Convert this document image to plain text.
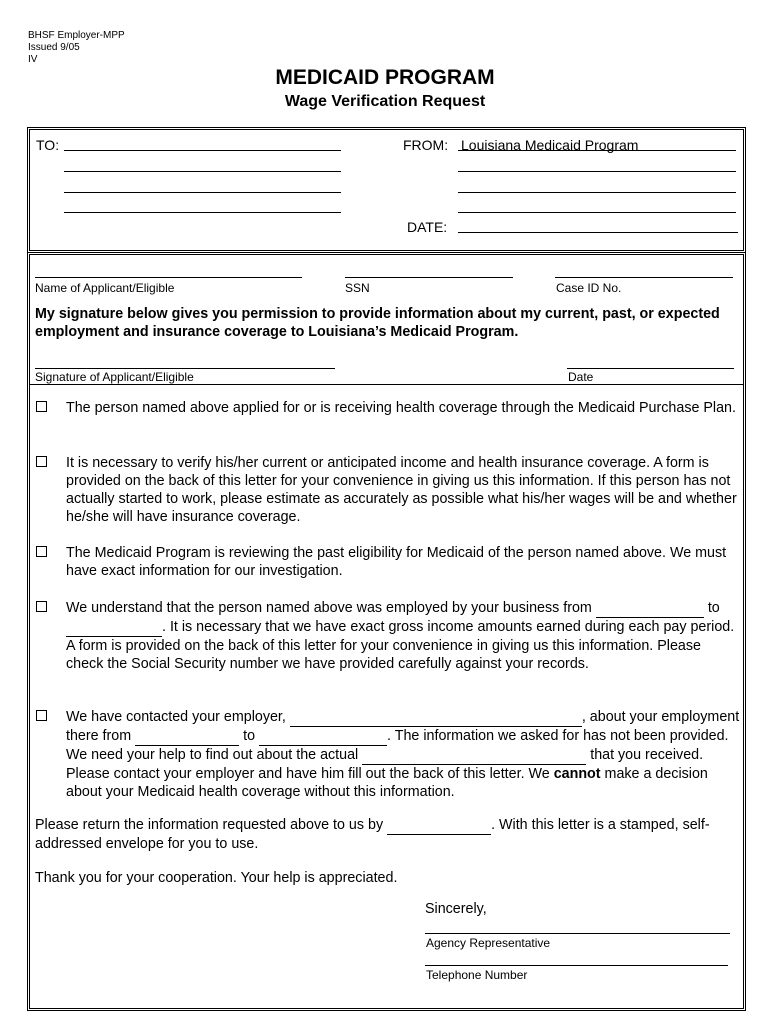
BHSF Employer-MPP
Issued 9/05
IV
MEDICAID PROGRAM
Wage Verification Request
TO:	FROM: Louisiana Medicaid Program
DATE:
Name of Applicant/Eligible	SSN	Case ID No.
My signature below gives you permission to provide information about my current, past, or expected employment and insurance coverage to Louisiana’s Medicaid Program.
Signature of Applicant/Eligible	Date
The person named above applied for or is receiving health coverage through the Medicaid Purchase Plan.
It is necessary to verify his/her current or anticipated income and health insurance coverage. A form is provided on the back of this letter for your convenience in giving us this information. If this person has not actually started to work, please estimate as accurately as possible what his/her wages will be and whether he/she will have insurance coverage.
The Medicaid Program is reviewing the past eligibility for Medicaid of the person named above. We must have exact information for our investigation.
We understand that the person named above was employed by your business from	to  . It is necessary that we have exact gross income amounts earned during each pay period. A form is provided on the back of this letter for your convenience in giving us this information. Please check the Social Security number we have provided carefully against your records.
We have contacted your employer,	, about your employment there from	to	. The information we asked for has not been provided. We need your help to find out about the actual	that you received. Please contact your employer and have him fill out the back of this letter. We cannot make a decision about your Medicaid health coverage without this information.
Please return the information requested above to us by	. With this letter is a stamped, self-addressed envelope for you to use.
Thank you for your cooperation. Your help is appreciated.
Sincerely,
Agency Representative
Telephone Number
